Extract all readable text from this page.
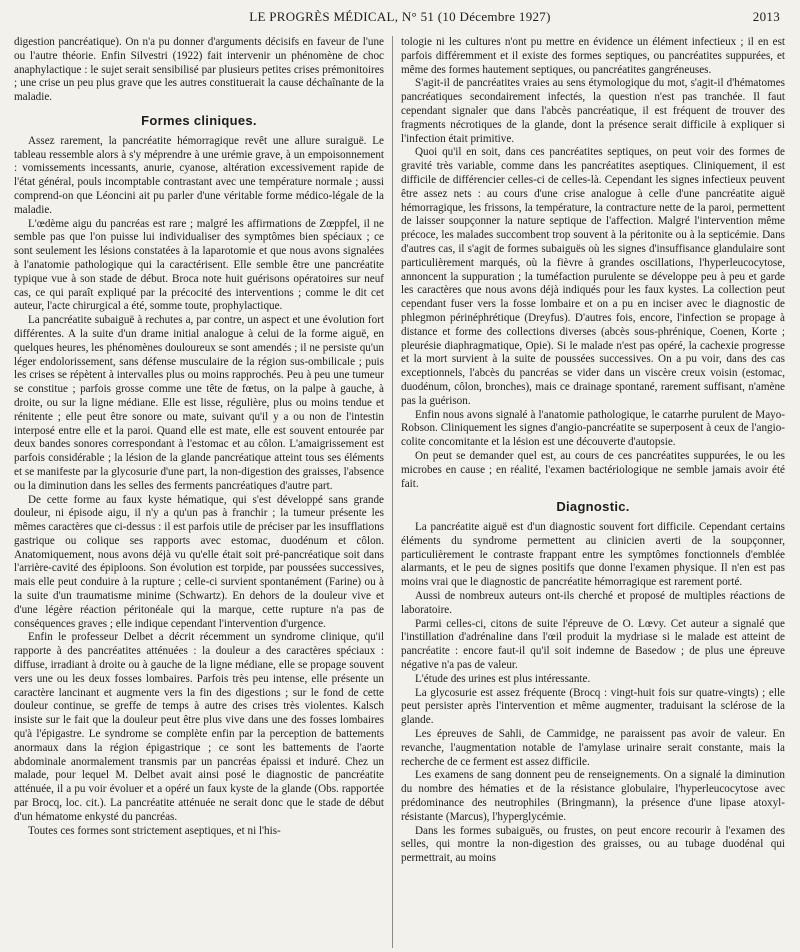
LE PROGRÈS MÉDICAL, N° 51 (10 Décembre 1927)	2013

digestion pancréatique). On n'a pu donner d'arguments décisifs en faveur de l'une ou l'autre théorie. Enfin Silvestri (1922) fait intervenir un phénomène de choc anaphylactique : le sujet serait sensibilisé par plusieurs petites crises prémonitoires ; une crise un peu plus grave que les autres constituerait la cause déchaînante de la maladie.

Formes cliniques.

Assez rarement, la pancréatite hémorragique revêt une allure suraiguë. Le tableau ressemble alors à s'y méprendre à une urémie grave, à un empoisonnement : vomissements incessants, anurie, cyanose, altération excessivement rapide de l'état général, pouls incomptable contrastant avec une température normale ; aussi comprend-on que Léoncini ait pu parler d'une véritable forme médico-légale de la maladie.

L'œdème aigu du pancréas est rare ; malgré les affirmations de Zœppfel, il ne semble pas que l'on puisse lui individualiser des symptômes bien spéciaux ; ce sont seulement les lésions constatées à la laparotomie et que nous avons signalées à l'anatomie pathologique qui la caractérisent. Elle semble être une pancréatite typique vue à son stade de début. Broca note huit guérisons opératoires sur neuf cas, ce qui paraît expliqué par la précocité des interventions ; comme le dit cet auteur, l'acte chirurgical a été, somme toute, prophylactique.

La pancréatite subaiguë à rechutes a, par contre, un aspect et une évolution fort différentes. A la suite d'un drame initial analogue à celui de la forme aiguë, en quelques heures, les phénomènes douloureux se sont amendés ; il ne persiste qu'un léger endolorissement, sans défense musculaire de la région sus-ombilicale ; puis les crises se répètent à intervalles plus ou moins rapprochés. Peu à peu une tumeur se constitue ; parfois grosse comme une tête de fœtus, on la palpe à gauche, à droite, ou sur la ligne médiane. Elle est lisse, régulière, plus ou moins tendue et rénitente ; elle peut être sonore ou mate, suivant qu'il y a ou non de l'intestin interposé entre elle et la paroi. Quand elle est mate, elle est souvent entourée par deux bandes sonores correspondant à l'estomac et au côlon. L'amaigrissement est parfois considérable ; la lésion de la glande pancréatique atteint tous ses éléments et se manifeste par la glycosurie d'une part, la non-digestion des graisses, l'absence ou la diminution dans les selles des ferments pancréatiques d'autre part.

De cette forme au faux kyste hématique, qui s'est développé sans grande douleur, ni épisode aigu, il n'y a qu'un pas à franchir ; la tumeur présente les mêmes caractères que ci-dessus : il est parfois utile de préciser par les insufflations gastrique ou colique ses rapports avec estomac, duodénum et côlon. Anatomiquement, nous avons déjà vu qu'elle était soit pré-pancréatique soit dans l'arrière-cavité des épiploons. Son évolution est torpide, par poussées successives, mais elle peut conduire à la rupture ; celle-ci survient spontanément (Farine) ou à la suite d'un traumatisme minime (Schwartz). En dehors de la douleur vive et d'une légère réaction péritonéale qui la marque, cette rupture n'a pas de conséquences graves ; elle indique cependant l'intervention d'urgence.

Enfin le professeur Delbet a décrit récemment un syndrome clinique, qu'il rapporte à des pancréatites atténuées : la douleur a des caractères spéciaux : diffuse, irradiant à droite ou à gauche de la ligne médiane, elle se propage souvent vers une ou les deux fosses lombaires. Parfois très peu intense, elle présente un caractère lancinant et augmente vers la fin des digestions ; sur le fond de cette douleur continue, se greffe de temps à autre des crises très violentes. Kalsch insiste sur le fait que la douleur peut être plus vive dans une des fosses lombaires qu'à l'épigastre. Le syndrome se complète enfin par la perception de battements anormaux dans la région épigastrique ; ce sont les battements de l'aorte abdominale anormalement transmis par un pancréas épaissi et induré. Chez un malade, pour lequel M. Delbet avait ainsi posé le diagnostic de pancréatite atténuée, il a pu voir évoluer et a opéré un faux kyste de la glande (Obs. rapportée par Brocq, loc. cit.). La pancréatite atténuée ne serait donc que le stade de début d'un hématome enkysté du pancréas.

Toutes ces formes sont strictement aseptiques, et ni l'his-

tologie ni les cultures n'ont pu mettre en évidence un élément infectieux ; il en est parfois différemment et il existe des formes septiques, ou pancréatites suppurées, et même des formes hautement septiques, ou pancréatites gangréneuses.

S'agit-il de pancréatites vraies au sens étymologique du mot, s'agit-il d'hématomes pancréatiques secondairement infectés, la question n'est pas tranchée. Il faut cependant signaler que dans l'abcès pancréatique, il est fréquent de trouver des fragments nécrotiques de la glande, dont la présence serait difficile à expliquer si l'infection était primitive.

Quoi qu'il en soit, dans ces pancréatites septiques, on peut voir des formes de gravité très variable, comme dans les pancréatites aseptiques. Cliniquement, il est difficile de différencier celles-ci de celles-là. Cependant les signes infectieux peuvent être assez nets : au cours d'une crise analogue à celle d'une pancréatite aiguë hémorragique, les frissons, la température, la contracture nette de la paroi, permettent de laisser soupçonner la nature septique de l'affection. Malgré l'intervention même précoce, les malades succombent trop souvent à la péritonite ou à la septicémie. Dans d'autres cas, il s'agit de formes subaiguës où les signes d'insuffisance glandulaire sont particulièrement marqués, où la fièvre à grandes oscillations, l'hyperleucocytose, annoncent la suppuration ; la tuméfaction purulente se développe peu à peu et garde les caractères que nous avons déjà indiqués pour les faux kystes. La collection peut cependant fuser vers la fosse lombaire et on a pu en inciser avec le diagnostic de phlegmon périnéphrétique (Dreyfus). D'autres fois, encore, l'infection se propage à distance et forme des collections diverses (abcès sous-phrénique, Coenen, Korte ; pleurésie diaphragmatique, Opie). Si le malade n'est pas opéré, la cachexie progresse et la mort survient à la suite de poussées successives. On a pu voir, dans des cas exceptionnels, l'abcès du pancréas se vider dans un viscère creux voisin (estomac, duodénum, côlon, bronches), mais ce drainage spontané, rarement suffisant, n'amène pas la guérison.

Enfin nous avons signalé à l'anatomie pathologique, le catarrhe purulent de Mayo-Robson. Cliniquement les signes d'angio-pancréatite se superposent à ceux de l'angio-colite concomitante et la lésion est une découverte d'autopsie.

On peut se demander quel est, au cours de ces pancréatites suppurées, le ou les microbes en cause ; en réalité, l'examen bactériologique ne semble jamais avoir été fait.

Diagnostic.

La pancréatite aiguë est d'un diagnostic souvent fort difficile. Cependant certains éléments du syndrome permettent au clinicien averti de la soupçonner, particulièrement le contraste frappant entre les symptômes fonctionnels d'emblée alarmants, et le peu de signes positifs que donne l'examen physique. Il n'en est pas moins vrai que le diagnostic de pancréatite hémorragique est rarement porté.

Aussi de nombreux auteurs ont-ils cherché et proposé de multiples réactions de laboratoire.

Parmi celles-ci, citons de suite l'épreuve de O. Lœvy. Cet auteur a signalé que l'instillation d'adrénaline dans l'œil produit la mydriase si le malade est atteint de pancréatite : encore faut-il qu'il soit indemne de Basedow ; de plus une épreuve négative n'a pas de valeur.

L'étude des urines est plus intéressante.

La glycosurie est assez fréquente (Brocq : vingt-huit fois sur quatre-vingts) ; elle peut persister après l'intervention et même augmenter, traduisant la sclérose de la glande.

Les épreuves de Sahli, de Cammidge, ne paraissent pas avoir de valeur. En revanche, l'augmentation notable de l'amylase urinaire serait constante, mais la recherche de ce ferment est assez difficile.

Les examens de sang donnent peu de renseignements. On a signalé la diminution du nombre des hématies et de la résistance globulaire, l'hyperleucocytose avec prédominance des neutrophiles (Bringmann), la présence d'une lipase atoxyl-résistante (Marcus), l'hyperglycémie.

Dans les formes subaiguës, ou frustes, on peut encore recourir à l'examen des selles, qui montre la non-digestion des graisses, ou au tubage duodénal qui permettrait, au moins
